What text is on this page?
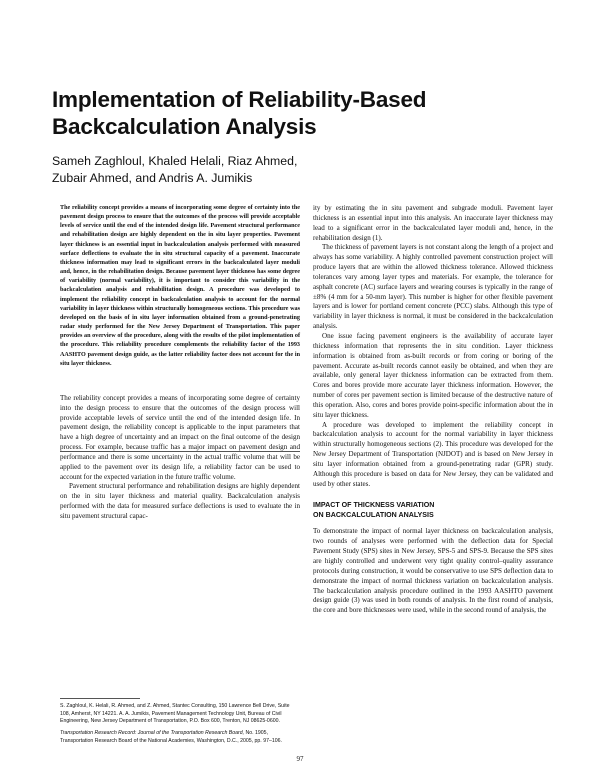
Implementation of Reliability-Based
Backcalculation Analysis
Sameh Zaghloul, Khaled Helali, Riaz Ahmed,
Zubair Ahmed, and Andris A. Jumikis

The reliability concept provides a means of incorporating some degree of certainty into the pavement design process to ensure that the outcomes of the process will provide acceptable levels of service until the end of the intended design life. Pavement structural performance and rehabilitation design are highly dependent on the in situ layer properties. Pavement layer thickness is an essential input in backcalculation analysis performed with measured surface deflections to evaluate the in situ structural capacity of a pavement. Inaccurate thickness information may lead to significant errors in the backcalculated layer moduli and, hence, in the rehabilitation design. Because pavement layer thickness has some degree of variability (normal variability), it is important to consider this variability in the backcalculation analysis and rehabilitation design. A procedure was developed to implement the reliability concept in backcalculation analysis to account for the normal variability in layer thickness within structurally homogeneous sections. This procedure was developed on the basis of in situ layer information obtained from a ground-penetrating radar study performed for the New Jersey Department of Transportation. This paper provides an overview of the procedure, along with the results of the pilot implementation of the procedure. This reliability procedure complements the reliability factor of the 1993 AASHTO pavement design guide, as the latter reliability factor does not account for the in situ layer thickness.

The reliability concept provides a means of incorporating some degree of certainty into the design process to ensure that the outcomes of the design process will provide acceptable levels of service until the end of the intended design life. In pavement design, the reliability concept is applicable to the input parameters that have a high degree of uncertainty and an impact on the final outcome of the design process. For example, because traffic has a major impact on pavement design and performance and there is some uncertainty in the actual traffic volume that will be applied to the pavement over its design life, a reliability factor can be used to account for the expected variation in the future traffic volume.

Pavement structural performance and rehabilitation designs are highly dependent on the in situ layer thickness and material quality. Backcalculation analysis performed with the data for measured surface deflections is used to evaluate the in situ pavement structural capac-

ity by estimating the in situ pavement and subgrade moduli. Pavement layer thickness is an essential input into this analysis. An inaccurate layer thickness may lead to a significant error in the backcalculated layer moduli and, hence, in the rehabilitation design (1).

The thickness of pavement layers is not constant along the length of a project and always has some variability. A highly controlled pavement construction project will produce layers that are within the allowed thickness tolerance. Allowed thickness tolerances vary among layer types and materials. For example, the tolerance for asphalt concrete (AC) surface layers and wearing courses is typically in the range of ±8% (4 mm for a 50-mm layer). This number is higher for other flexible pavement layers and is lower for portland cement concrete (PCC) slabs. Although this type of variability in layer thickness is normal, it must be considered in the backcalculation analysis.

One issue facing pavement engineers is the availability of accurate layer thickness information that represents the in situ condition. Layer thickness information is obtained from as-built records or from coring or boring of the pavement. Accurate as-built records cannot easily be obtained, and when they are available, only general layer thickness information can be extracted from them. Cores and bores provide more accurate layer thickness information. However, the number of cores per pavement section is limited because of the destructive nature of this operation. Also, cores and bores provide point-specific information about the in situ layer thickness.

A procedure was developed to implement the reliability concept in backcalculation analysis to account for the normal variability in layer thickness within structurally homogeneous sections (2). This procedure was developed for the New Jersey Department of Transportation (NJDOT) and is based on New Jersey in situ layer information obtained from a ground-penetrating radar (GPR) study. Although this procedure is based on data for New Jersey, they can be validated and used by other states.

IMPACT OF THICKNESS VARIATION
ON BACKCALCULATION ANALYSIS

To demonstrate the impact of normal layer thickness on backcalculation analysis, two rounds of analyses were performed with the deflection data for Special Pavement Study (SPS) sites in New Jersey, SPS-5 and SPS-9. Because the SPS sites are highly controlled and underwent very tight quality control–quality assurance protocols during construction, it would be conservative to use SPS deflection data to demonstrate the impact of normal thickness variation on backcalculation analysis. The backcalculation analysis procedure outlined in the 1993 AASHTO pavement design guide (3) was used in both rounds of analysis. In the first round of analysis, the core and bore thicknesses were used, while in the second round of analysis, the

S. Zaghloul, K. Helali, R. Ahmed, and Z. Ahmed, Stantec Consulting, 150 Lawrence Bell Drive, Suite 108, Amherst, NY 14221. A. A. Jumikis, Pavement Management Technology Unit, Bureau of Civil Engineering, New Jersey Department of Transportation, P.O. Box 600, Trenton, NJ 08625-0600.

Transportation Research Record: Journal of the Transportation Research Board, No. 1905, Transportation Research Board of the National Academies, Washington, D.C., 2005, pp. 97–106.

97
